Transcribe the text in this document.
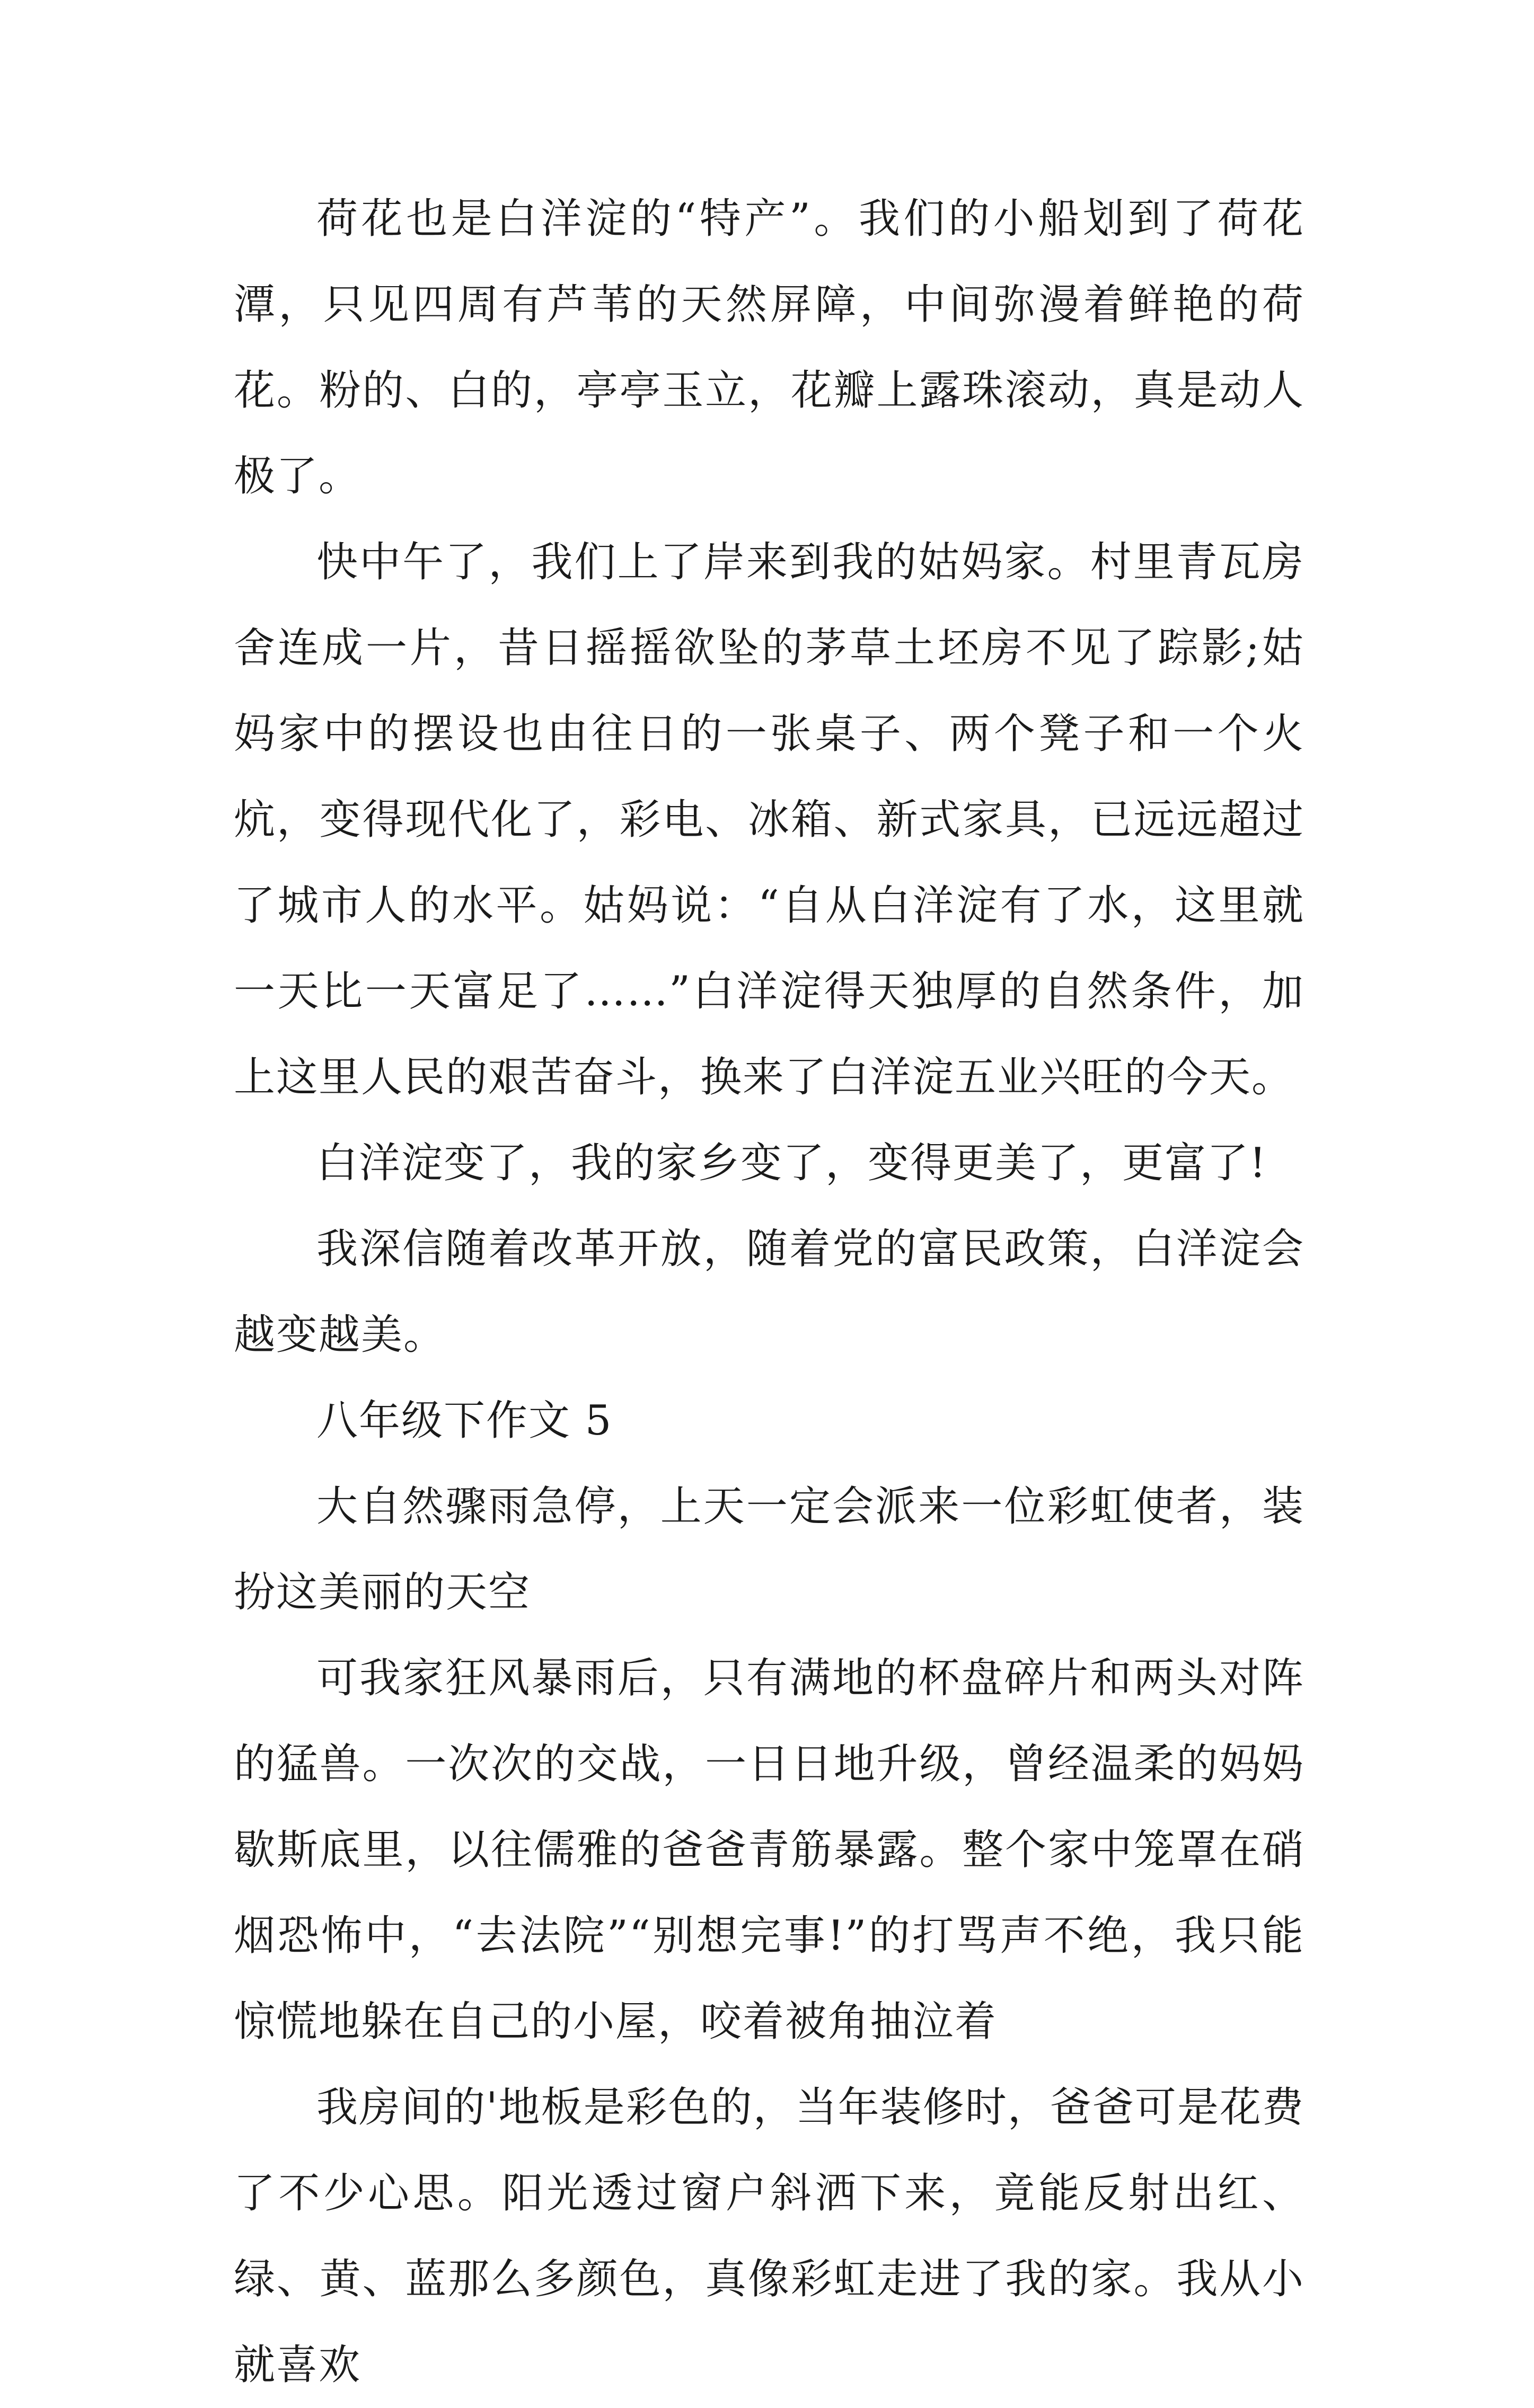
荷花也是白洋淀的“特产”。我们的小船划到了荷花潭，只见四周有芦苇的天然屏障，中间弥漫着鲜艳的荷花。粉的、白的，亭亭玉立，花瓣上露珠滚动，真是动人极了。

快中午了，我们上了岸来到我的姑妈家。村里青瓦房舍连成一片，昔日摇摇欲坠的茅草土坯房不见了踪影;姑妈家中的摆设也由往日的一张桌子、两个凳子和一个火炕，变得现代化了，彩电、冰箱、新式家具，已远远超过了城市人的水平。姑妈说：“自从白洋淀有了水，这里就一天比一天富足了……”白洋淀得天独厚的自然条件，加上这里人民的艰苦奋斗，换来了白洋淀五业兴旺的今天。

白洋淀变了，我的家乡变了，变得更美了，更富了!

我深信随着改革开放，随着党的富民政策，白洋淀会越变越美。

八年级下作文 5

大自然骤雨急停，上天一定会派来一位彩虹使者，装扮这美丽的天空

可我家狂风暴雨后，只有满地的杯盘碎片和两头对阵的猛兽。一次次的交战，一日日地升级，曾经温柔的妈妈歇斯底里，以往儒雅的爸爸青筋暴露。整个家中笼罩在硝烟恐怖中，“去法院”“别想完事!”的打骂声不绝，我只能惊慌地躲在自己的小屋，咬着被角抽泣着

我房间的'地板是彩色的，当年装修时，爸爸可是花费了不少心思。阳光透过窗户斜洒下来，竟能反射出红、绿、黄、蓝那么多颜色，真像彩虹走进了我的家。我从小就喜欢
